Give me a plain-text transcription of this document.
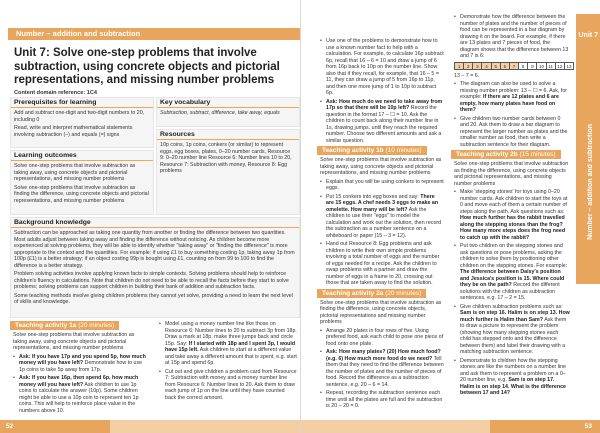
Number – addition and subtraction
Unit 7: Solve one-step problems that involve subtraction, using concrete objects and pictorial representations, and missing number problems
Content domain reference: 1C4
Prerequisites for learning

Add and subtract one-digit and two-digit numbers to 20, including 0

Read, write and interpret mathematical statements involving subtraction (–) and equals (=) signs

Learning outcomes

Solve one-step problems that involve subtraction as taking away, using concrete objects and pictorial representations, and missing number problems

Solve one-step problems that involve subtraction as finding the difference, using concrete objects and pictorial representations, and missing number problems

Key vocabulary

Subtraction, subtract, difference, take away, equals

Resources

10p coins, 1p coins, conkers (or similar) to represent eggs, egg boxes, plates, 0–20 number cards, Resource 9: 0–20 number line Resource 6: Number lines 10 to 20, Resource 7: Subtraction with money, Resource 8: Egg problems

Background knowledge

Subtraction can be approached as taking one quantity from another or finding the difference between two quantities. Most adults adjust between taking away and finding the difference without noticing. As children become more experienced at solving problems, they will be able to identify whether "taking away" or "finding the difference" is more appropriate to the context and the quantities. For example: if using £1 to buy something costing 1p, taking away 1p from 100p (£1) is a better strategy; if an object costing 99p is bought using £1, counting on from 99 to 100 to find the difference is a better strategy.

Problem solving activities involve applying known facts to simple contexts. Solving problems should help to reinforce children's fluency in calculations. Note that children do not need to be able to recall the facts before they start to solve problems; solving problems can support children in building their bank of addition and subtraction facts.

Some teaching methods involve giving children problems they cannot yet solve, providing a need to learn the next level of skills and knowledge.

Teaching activity 1a (20 minutes)

Solve one-step problems that involve subtraction as taking away, using concrete objects and pictorial representations, and missing number problems

• Ask: If you have 17p and you spend 5p, how much money will you have left? Demonstrate how to use 1p coins to take 5p away from 17p.
• Ask: If you have 16p, then spend 6p, how much money will you have left? Ask children to use 1p coins to calculate the answer (10p). Some children might be able to use a 10p coin to represent ten 1p coins. This will help to reinforce place value in the numbers above 10.
• Model using a money number line like those on Resource 6: Number lines to 20 to subtract 3p from 18p. Draw a mark at 18p, make three jumps back and circle 15p. Say: If I started with 18p and I spent 3p, I would have 15p left. Ask children to start at a different value and take away a different amount that is spent, e.g. start at 15p and spend 6p.
• Cut out and give children a problem card from Resource 7: Subtraction with money and a money number line from Resource 6: Number lines to 20. Ask them to draw each jump of 1p on the line until they have counted back the correct amount.
52
• Use one of the problems to demonstrate how to use a known number fact to help with a calculation. For example, to calculate 16p subtract 6p, recall that 16 – 6 = 10 and draw a jump of 6 from 16p back to 10p on the number line. Show also that if they recall, for example, that 16 – 5 = 11, they can draw a jump of 5 from 16p to 11p, and then one more jump of 1 to 10p to subtract 6p.
• Ask: How much do we need to take away from 17p so that there will be 10p left? Record the question in the format 17 – ☐ = 10. Ask the children to count back along their number line in 1s, drawing jumps, until they reach the required number. Choose two different amounts and ask a similar question.
Teaching activity 1b (10 minutes)

Solve one-step problems that involve subtraction as taking away, using concrete objects and pictorial representations, and missing number problems

• Explain that you will be using conkers to represent eggs.
• Put 15 conkers into egg boxes and say: There are 15 eggs. A chef needs 3 eggs to make an omelette. How many will be left? Ask the children to use their "eggs" to model the calculation and work out the solution, then record the subtraction as a number sentence on a whiteboard or paper (15 – 3 = 12).
• Hand out Resource 8: Egg problems and ask children to write their own simple problems involving a total number of eggs and the number of eggs needed for a recipe. Ask the children to swap problems with a partner and draw the number of eggs in a frame to 20, crossing out those that are taken away to find the solution.
Teaching activity 2a (20 minutes)

Solve one-step problems that involve subtraction as finding the difference, using concrete objects, pictorial representations and missing number problems

• Arrange 20 plates in four rows of five. Using prefered food, ask each child to pose one piece of food onto one plate.
• Ask: How many plates? (20) How much food? (e.g. 6) How much more food do we need? Tell them that they need to find the difference between the number of plates and the number of pieces of food. Record the difference as a subtraction sentence, e.g. 20 – 6 = 14.
• Repeat, recording the subtraction sentence each time until all the plates are full and the subtraction is 20 – 20 = 0.
• Demonstrate how the difference between the number of plates and the number of pieces of food can be represented in a bar diagram by drawing it on the board. For example, if there are 13 plates and 7 pieces of food, the diagram shows that the difference between 13 and 7 is 6:
1	2	3	4	5	6	7	8	9	10 11 12 13

13 – 7 = 6.

• The diagram can also be used to solve a missing number problem: 13 – ☐ = 6. Ask, for example: If there are 12 plates and 6 are empty, how many plates have food on them?
• Give children two number cards between 0 and 20. Ask them to draw a bar diagram to represent the larger number as plates and the smaller number as food, then write a subtraction sentence for their diagram.
Teaching activity 2b (15 minutes)

Solve one-step problems that involve subtraction as finding the difference, using concrete objects and pictorial representations, and missing number problems

• Make 'stepping stones' for toys using 0–20 number cards. Ask children to start the toys at 0 and move each of them a certain number of steps along the path. Ask questions such as: How much further has the rabbit travelled along the stepping stones than the frog? How many more steps does the frog need to catch up with the rabbit?
• Put two children on the stepping stones and ask questions or pose problems, asking the children to solve them by positioning other children on the stepping stones. For example: The difference between Daisy's position and Jessica's position is 15. Where could they be on the path? Record the different solutions with the children as subtraction sentences, e.g. 17 – 2 = 15.
• Give children subtraction problems such as: Sam is on step 16. Halim is on step 13. How much further is Halim than Sam? Ask them to draw a picture to represent the problem (showing how many stepping stones each child has stepped onto and the difference between them) and label their drawing with a matching subtraction sentence.
• Demonstrate to children how the stepping stones are like the numbers on a number line and ask them to represent a problem on a 0–20 number line, e.g. Sam is on step 17. Halim is on step 14. What is the difference between 17 and 14?
Unit 7
Number – addition and subtraction
53
